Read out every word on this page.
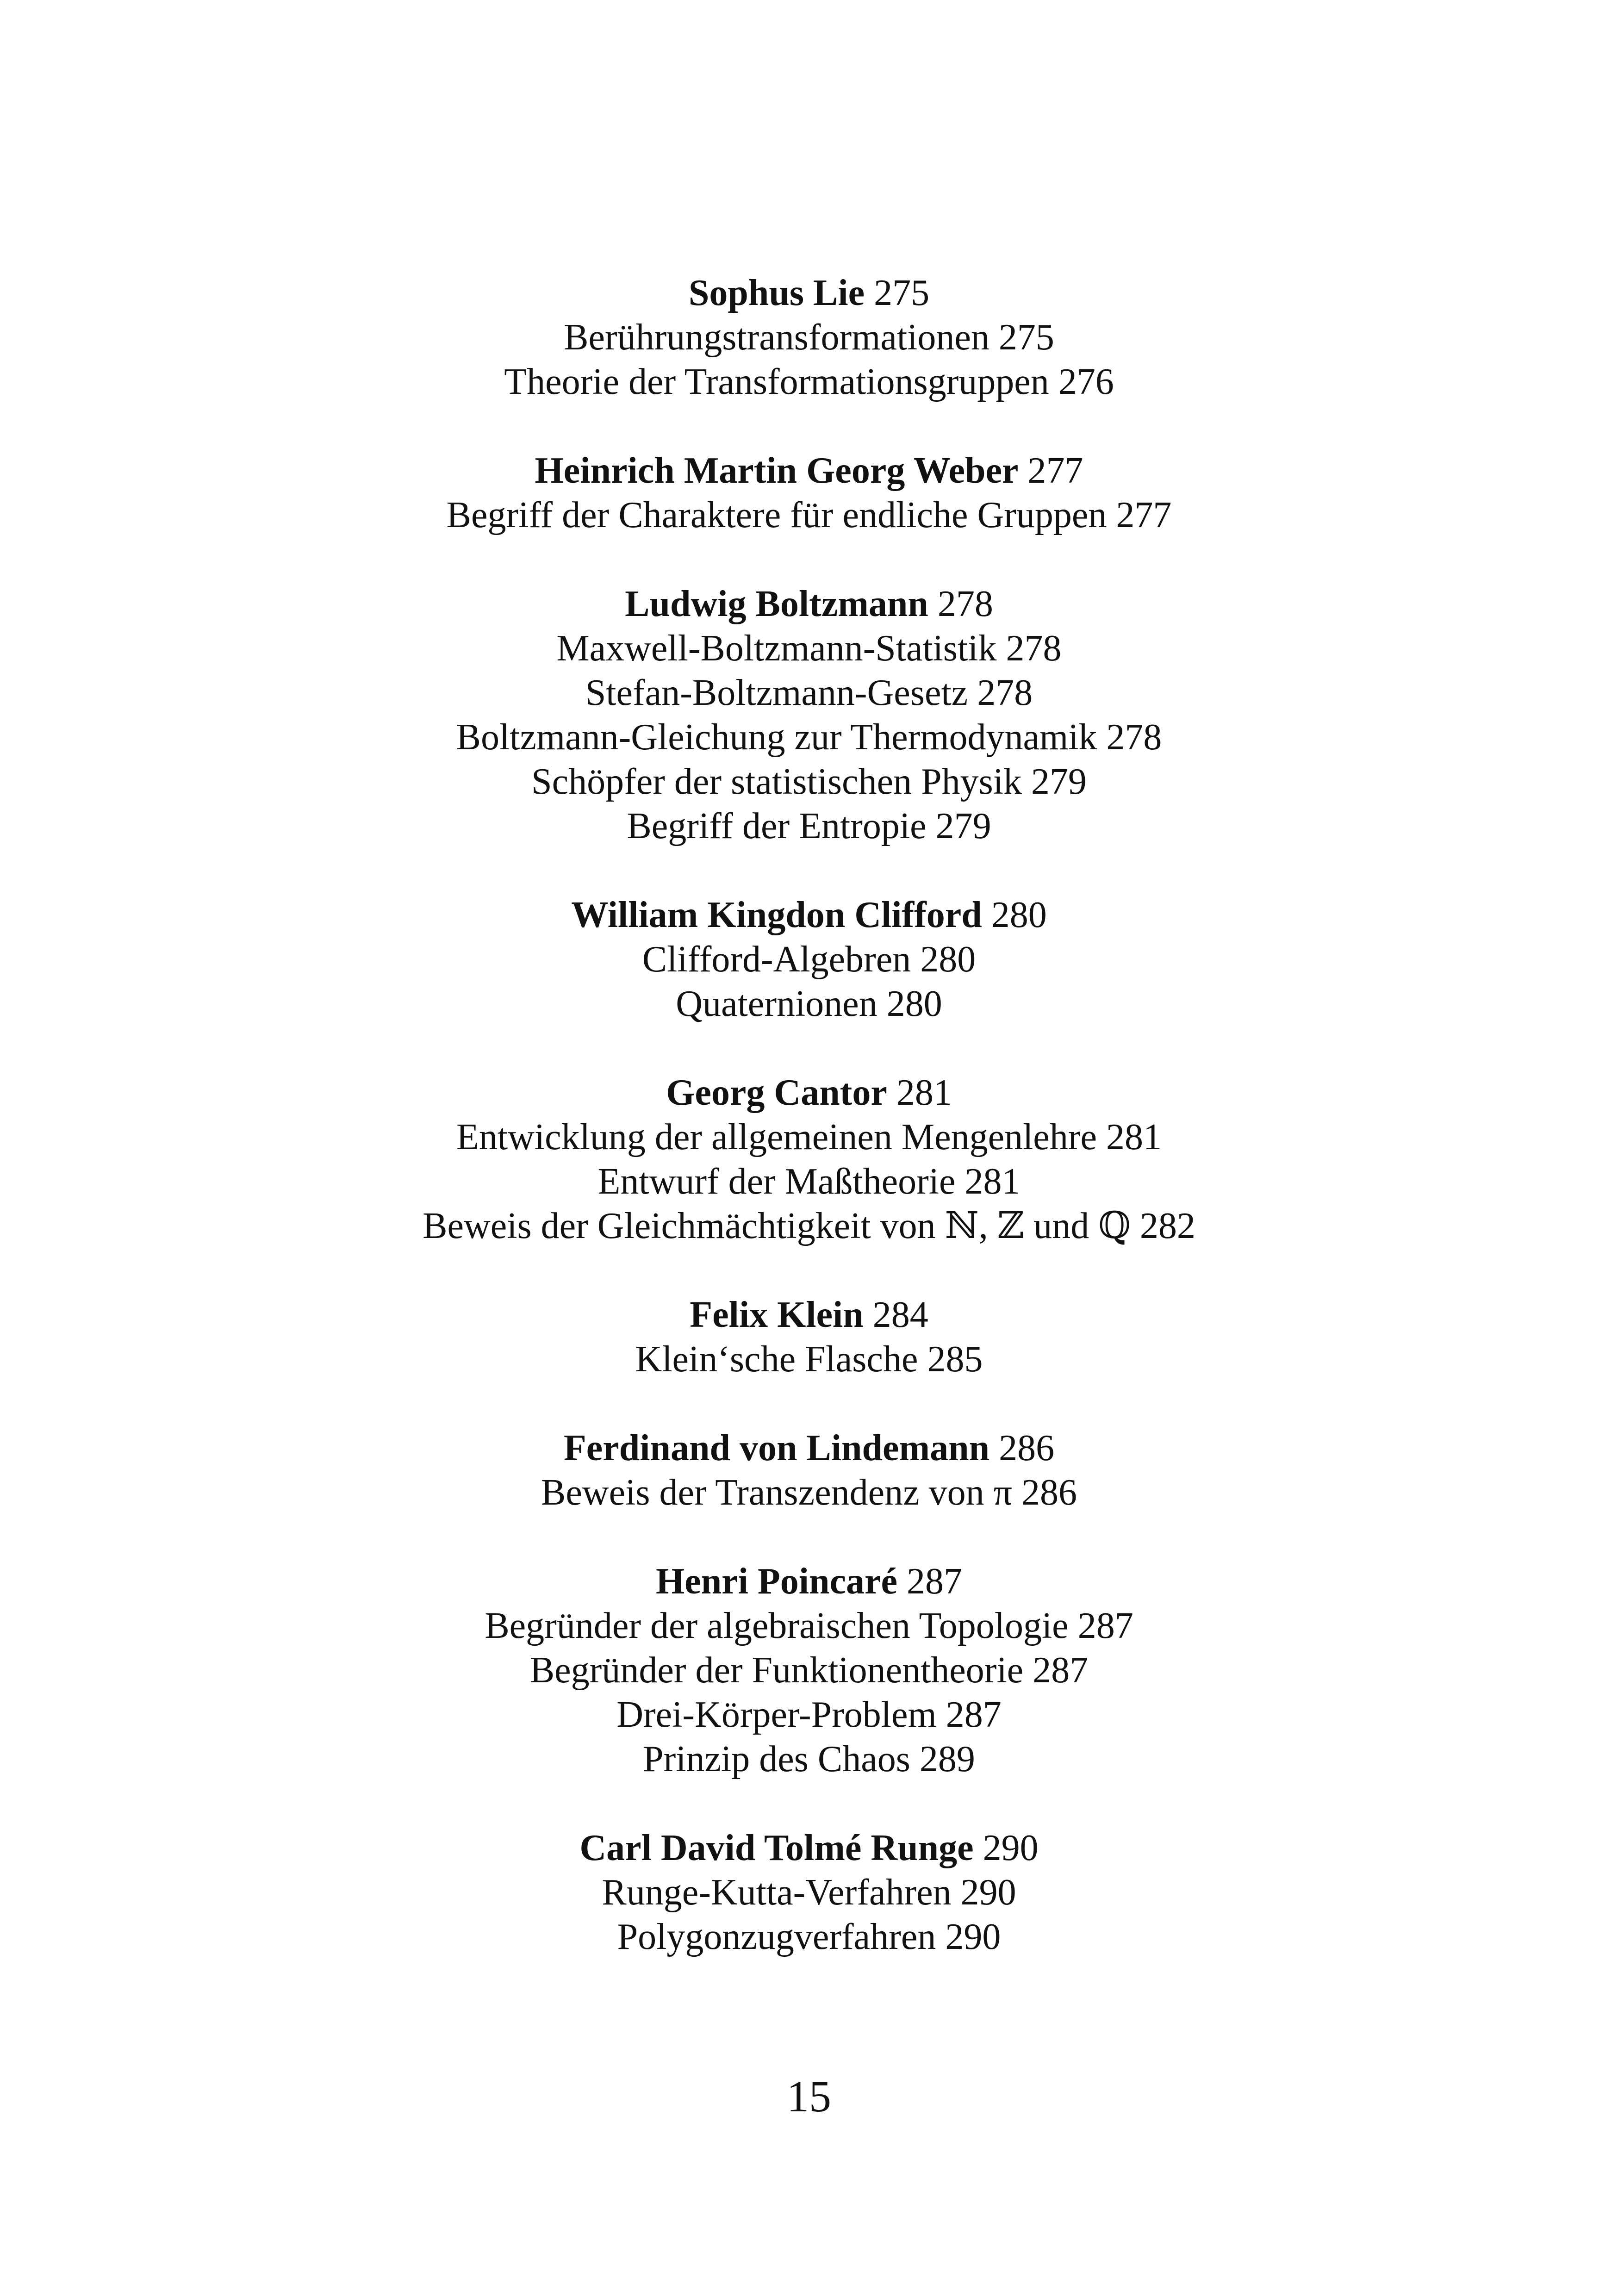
Sophus Lie 275
Berührungstransformationen 275
Theorie der Transformationsgruppen 276
Heinrich Martin Georg Weber 277
Begriff der Charaktere für endliche Gruppen 277
Ludwig Boltzmann 278
Maxwell-Boltzmann-Statistik 278
Stefan-Boltzmann-Gesetz 278
Boltzmann-Gleichung zur Thermodynamik 278
Schöpfer der statistischen Physik 279
Begriff der Entropie 279
William Kingdon Clifford 280
Clifford-Algebren 280
Quaternionen 280
Georg Cantor 281
Entwicklung der allgemeinen Mengenlehre 281
Entwurf der Maßtheorie 281
Beweis der Gleichmächtigkeit von ℕ, ℤ und ℚ 282
Felix Klein 284
Klein‘sche Flasche 285
Ferdinand von Lindemann 286
Beweis der Transzendenz von π 286
Henri Poincaré 287
Begründer der algebraischen Topologie 287
Begründer der Funktionentheorie 287
Drei-Körper-Problem 287
Prinzip des Chaos 289
Carl David Tolmé Runge 290
Runge-Kutta-Verfahren 290
Polygonzugverfahren 290
15
